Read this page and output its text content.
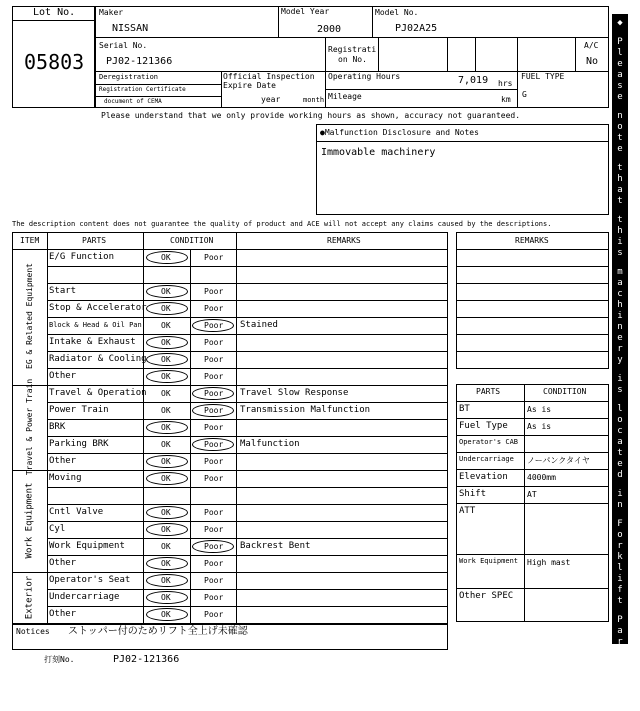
Lot No.
05803
Maker
NISSAN
Model Year
2000
Model No.
PJ02A25
Serial No.
PJ02-121366
Registrati
on No.
A/C
No
Deregistration
Registration Certificate
document of CEMA
Official Inspection
Expire Date
year	month
Operating Hours	7,019 hrs
Mileage	km
FUEL TYPE
G
Please understand that we only provide working hours as shown, accuracy not guaranteed.
●Malfunction Disclosure and Notes
Immovable machinery
The description content does not guarantee the quality of product and ACE will not accept any claims caused by the descriptions.
ITEM	PARTS	CONDITION	REMARKS
E/G Function	OK	Poor
Start	OK	Poor
Stop & Accelerator OK	Poor
Block & Head & Oil Pan OK	Poor Stained
Intake & Exhaust	OK	Poor
Radiator & Cooling OK	Poor
Other	OK	Poor
EG & Related Equipment
Travel & Operation OK	Poor Travel Slow Response
Power Train	OK	Poor Transmission Malfunction
BRK	OK	Poor
Parking BRK	OK	Poor Malfunction
Other	OK	Poor
Travel & Power Train
Moving	OK	Poor
Cntl Valve	OK	Poor
Cyl	OK	Poor
Work Equipment	OK	Poor Backrest Bent
Other	OK	Poor
Work Equipment
Operator's Seat	OK	Poor
Undercarriage	OK	Poor
Other	OK	Poor
Exterior
Notices ストッパー付のためリフト全上げ未確認
打刻No.	PJ02-121366
REMARKS
PARTS	CONDITION
BT	As is
Fuel Type As is
Operator's CAB
Undercarriage ノーパンクタイヤ
Elevation 4000mm
Shift	AT
ATT
Work Equipment High mast
Other SPEC
◆
P
l
e
a
s
e
n
o
t
e
t
h
a
t
t
h
i
s
m
a
c
h
i
n
e
r
y
i
s
l
o
c
a
t
e
d
i
n
F
o
r
k
l
i
f
t
P
a
r
k
i
n
g
◆
